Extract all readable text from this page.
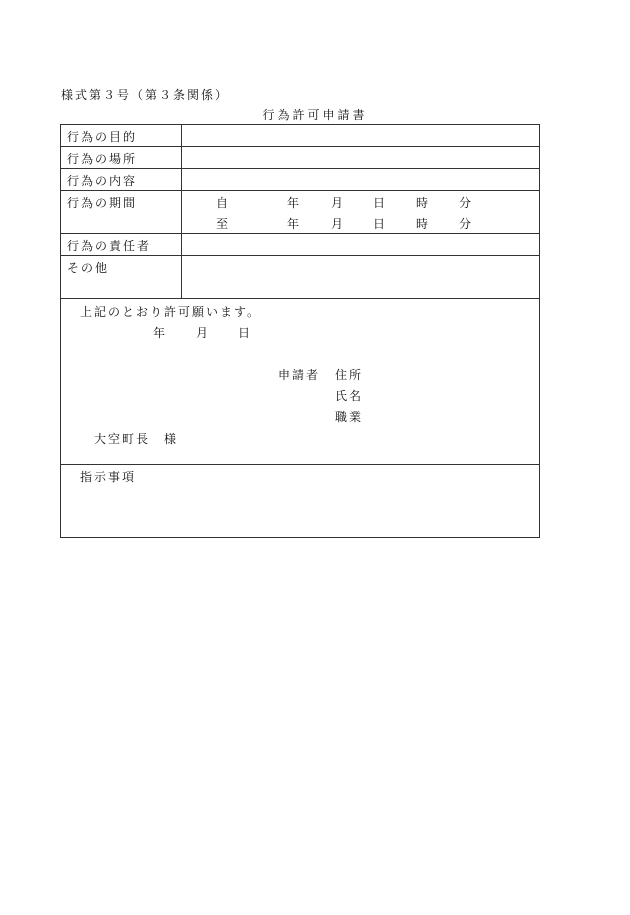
様式第３号（第３条関係）
行為許可申請書
行為の目的
行為の場所
行為の内容
行為の期間	自	年 月 日 時 分
至	年 月 日 時 分
行為の責任者
その他
上記のとおり許可願います。
年 月 日
申請者 住所
氏名
職業
大空町長　様
指示事項
